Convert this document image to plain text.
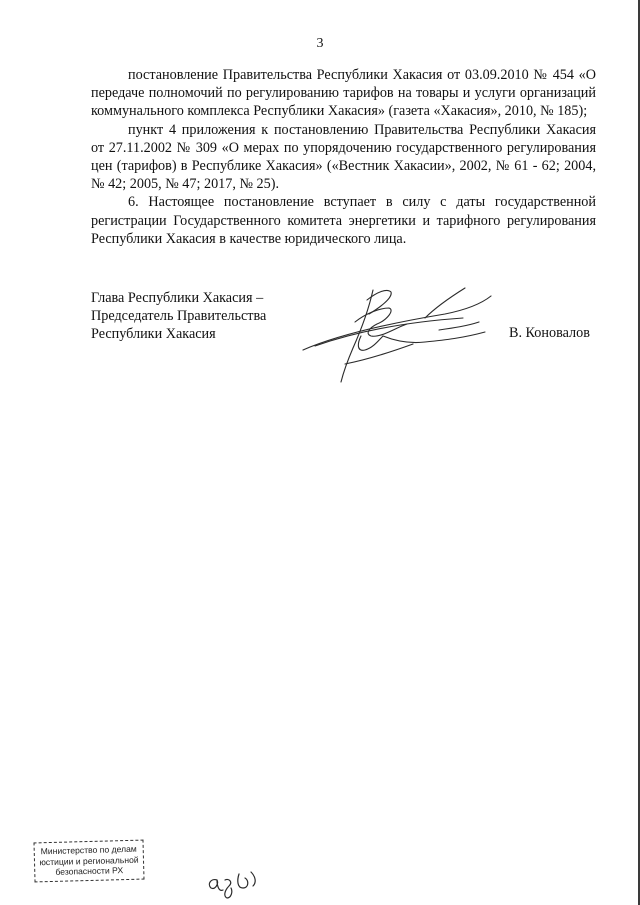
3

постановление Правительства Республики Хакасия от 03.09.2010 № 454 «О передаче полномочий по регулированию тарифов на товары и услуги организаций коммунального комплекса Республики Хакасия» (газета «Хакасия», 2010, № 185);

пункт 4 приложения к постановлению Правительства Республики Хакасия от 27.11.2002 № 309 «О мерах по упорядочению государственного регулирования цен (тарифов) в Республике Хакасия» («Вестник Хакасии», 2002, № 61 - 62; 2004, № 42; 2005, № 47; 2017, № 25).

6. Настоящее постановление вступает в силу с даты государственной регистрации Государственного комитета энергетики и тарифного регулирования Республики Хакасия в качестве юридического лица.

Глава Республики Хакасия –
Председатель Правительства
Республики Хакасия	В. Коновалов
Министерство по делам
юстиции и региональной
безопасности РХ
